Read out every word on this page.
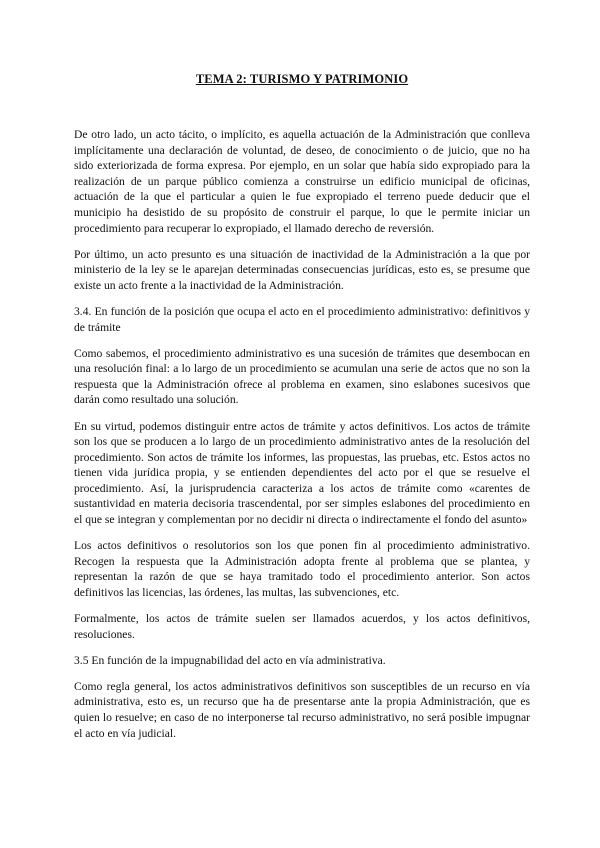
TEMA 2: TURISMO Y PATRIMONIO

De otro lado, un acto tácito, o implícito, es aquella actuación de la Administración que conlleva implícitamente una declaración de voluntad, de deseo, de conocimiento o de juicio, que no ha sido exteriorizada de forma expresa. Por ejemplo, en un solar que había sido expropiado para la realización de un parque público comienza a construirse un edificio municipal de oficinas, actuación de la que el particular a quien le fue expropiado el terreno puede deducir que el municipio ha desistido de su propósito de construir el parque, lo que le permite iniciar un procedimiento para recuperar lo expropiado, el llamado derecho de reversión.

Por último, un acto presunto es una situación de inactividad de la Administración a la que por ministerio de la ley se le aparejan determinadas consecuencias jurídicas, esto es, se presume que existe un acto frente a la inactividad de la Administración.

3.4. En función de la posición que ocupa el acto en el procedimiento administrativo: definitivos y de trámite

Como sabemos, el procedimiento administrativo es una sucesión de trámites que desembocan en una resolución final: a lo largo de un procedimiento se acumulan una serie de actos que no son la respuesta que la Administración ofrece al problema en examen, sino eslabones sucesivos que darán como resultado una solución.

En su virtud, podemos distinguir entre actos de trámite y actos definitivos. Los actos de trámite son los que se producen a lo largo de un procedimiento administrativo antes de la resolución del procedimiento. Son actos de trámite los informes, las propuestas, las pruebas, etc. Estos actos no tienen vida jurídica propia, y se entienden dependientes del acto por el que se resuelve el procedimiento. Así, la jurisprudencia caracteriza a los actos de trámite como «carentes de sustantividad en materia decisoria trascendental, por ser simples eslabones del procedimiento en el que se integran y complementan por no decidir ni directa o indirectamente el fondo del asunto»

Los actos definitivos o resolutorios son los que ponen fin al procedimiento administrativo. Recogen la respuesta que la Administración adopta frente al problema que se plantea, y representan la razón de que se haya tramitado todo el procedimiento anterior. Son actos definitivos las licencias, las órdenes, las multas, las subvenciones, etc.

Formalmente, los actos de trámite suelen ser llamados acuerdos, y los actos definitivos, resoluciones.

3.5 En función de la impugnabilidad del acto en vía administrativa.

Como regla general, los actos administrativos definitivos son susceptibles de un recurso en vía administrativa, esto es, un recurso que ha de presentarse ante la propia Administración, que es quien lo resuelve; en caso de no interponerse tal recurso administrativo, no será posible impugnar el acto en vía judicial.
